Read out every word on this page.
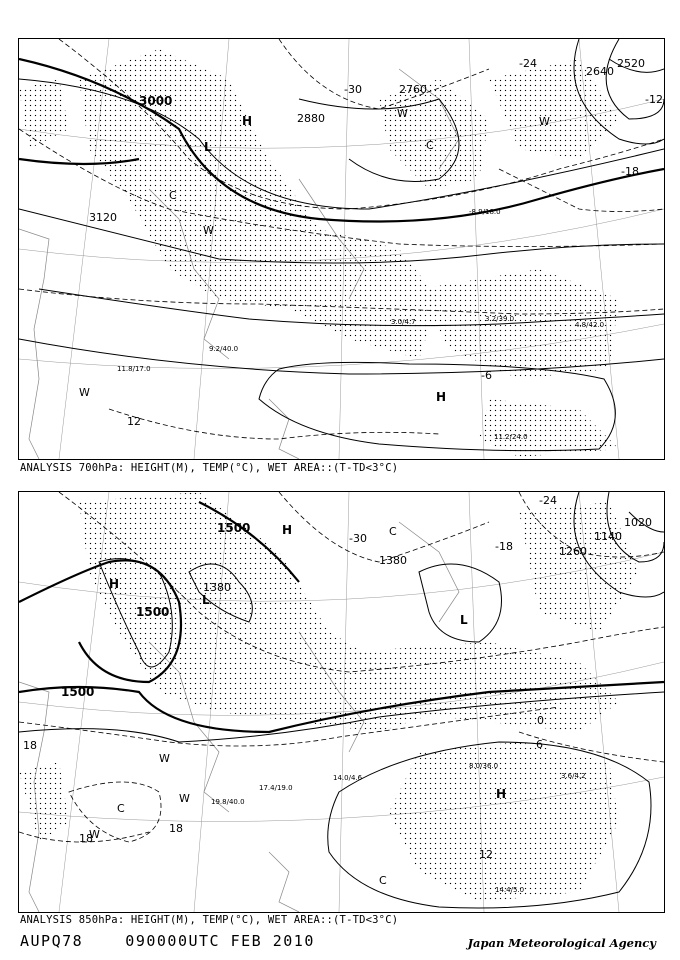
3000
3120
2760
2640
2520
2880
-30
-24
-18
-12
-6
12
H
L
H
W
C
W
W
W
C
11.2/24.0
4.8/42.0
3.2/39.0
9.2/40.0
11.8/17.0
-8.9/18.0
3.0/4.7
ANALYSIS 700hPa: HEIGHT(M), TEMP(°C), WET AREA::(T-TD<3°C)
1500
1500
1500
1380
1380
1260
1020
1140
-24
-30
-18
18
18
12
6
0
18
H
L
H
L
H
C
W
W
W
C
C
8.0/36.0
3.6/4.2
14.4/5.0
17.4/19.0
14.0/4.6
19.8/40.0
ANALYSIS 850hPa: HEIGHT(M), TEMP(°C), WET AREA::(T-TD<3°C)
AUPQ78    090000UTC FEB 2010	Japan Meteorological Agency
